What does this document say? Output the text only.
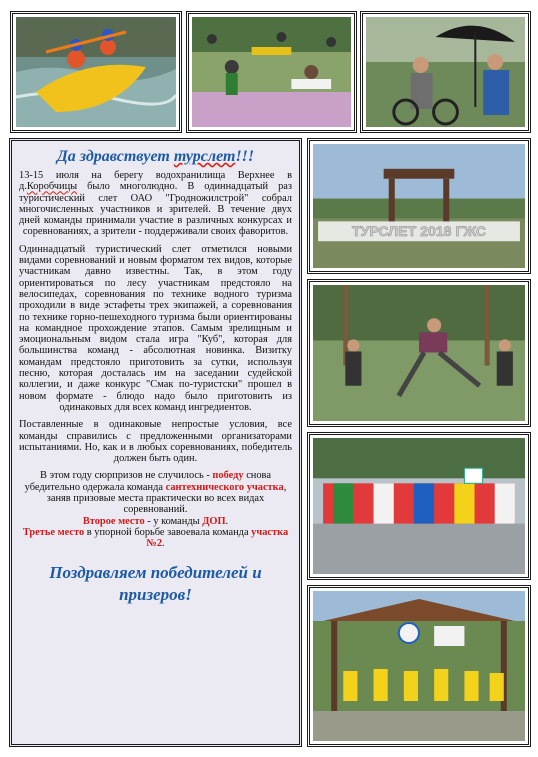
ТУРСЛЕТ 2018 ГЖС
Да здравствует турслет!!!

13-15 июля на берегу водохранилища Верхнее в д.Коробчицы было многолюдно. В одиннадцатый раз туристический слет ОАО "Гродножилстрой" собрал многочисленных участников и зрителей. В течение двух дней команды принимали участие в различных конкурсах и соревнованиях, а зрители - поддерживали своих фаворитов.

Одиннадцатый туристический слет отметился новыми видами соревнований и новым форматом тех видов, которые участникам давно известны. Так, в этом году ориентироваться по лесу участникам предстояло на велосипедах, соревнования по технике водного туризма проходили в виде эстафеты трех экипажей, а соревнования по технике горно-пешеходного туризма были ориентированы на командное прохождение этапов. Самым зрелищным и эмоциональным видом стала игра "Куб", которая для большинства команд - абсолютная новинка. Визитку командам предстояло приготовить за сутки, используя песню, которая досталась им на заседании судейской коллегии, и даже конкурс "Смак по-туристски" прошел в новом формате - блюдо надо было приготовить из одинаковых для всех команд ингредиентов.

Поставленные в одинаковые непростые условия, все команды справились с предложенными организаторами испытаниями. Но, как и в любых соревнованиях, победитель должен быть один.

В этом году сюрпризов не случилось - победу снова убедительно одержала команда сантехнического участка, заняв призовые места практически во всех видах соревнований.

Второе место - у команды ДОП.

Третье место в упорной борьбе завоевала команда участка №2.

Поздравляем победителей и призеров!
